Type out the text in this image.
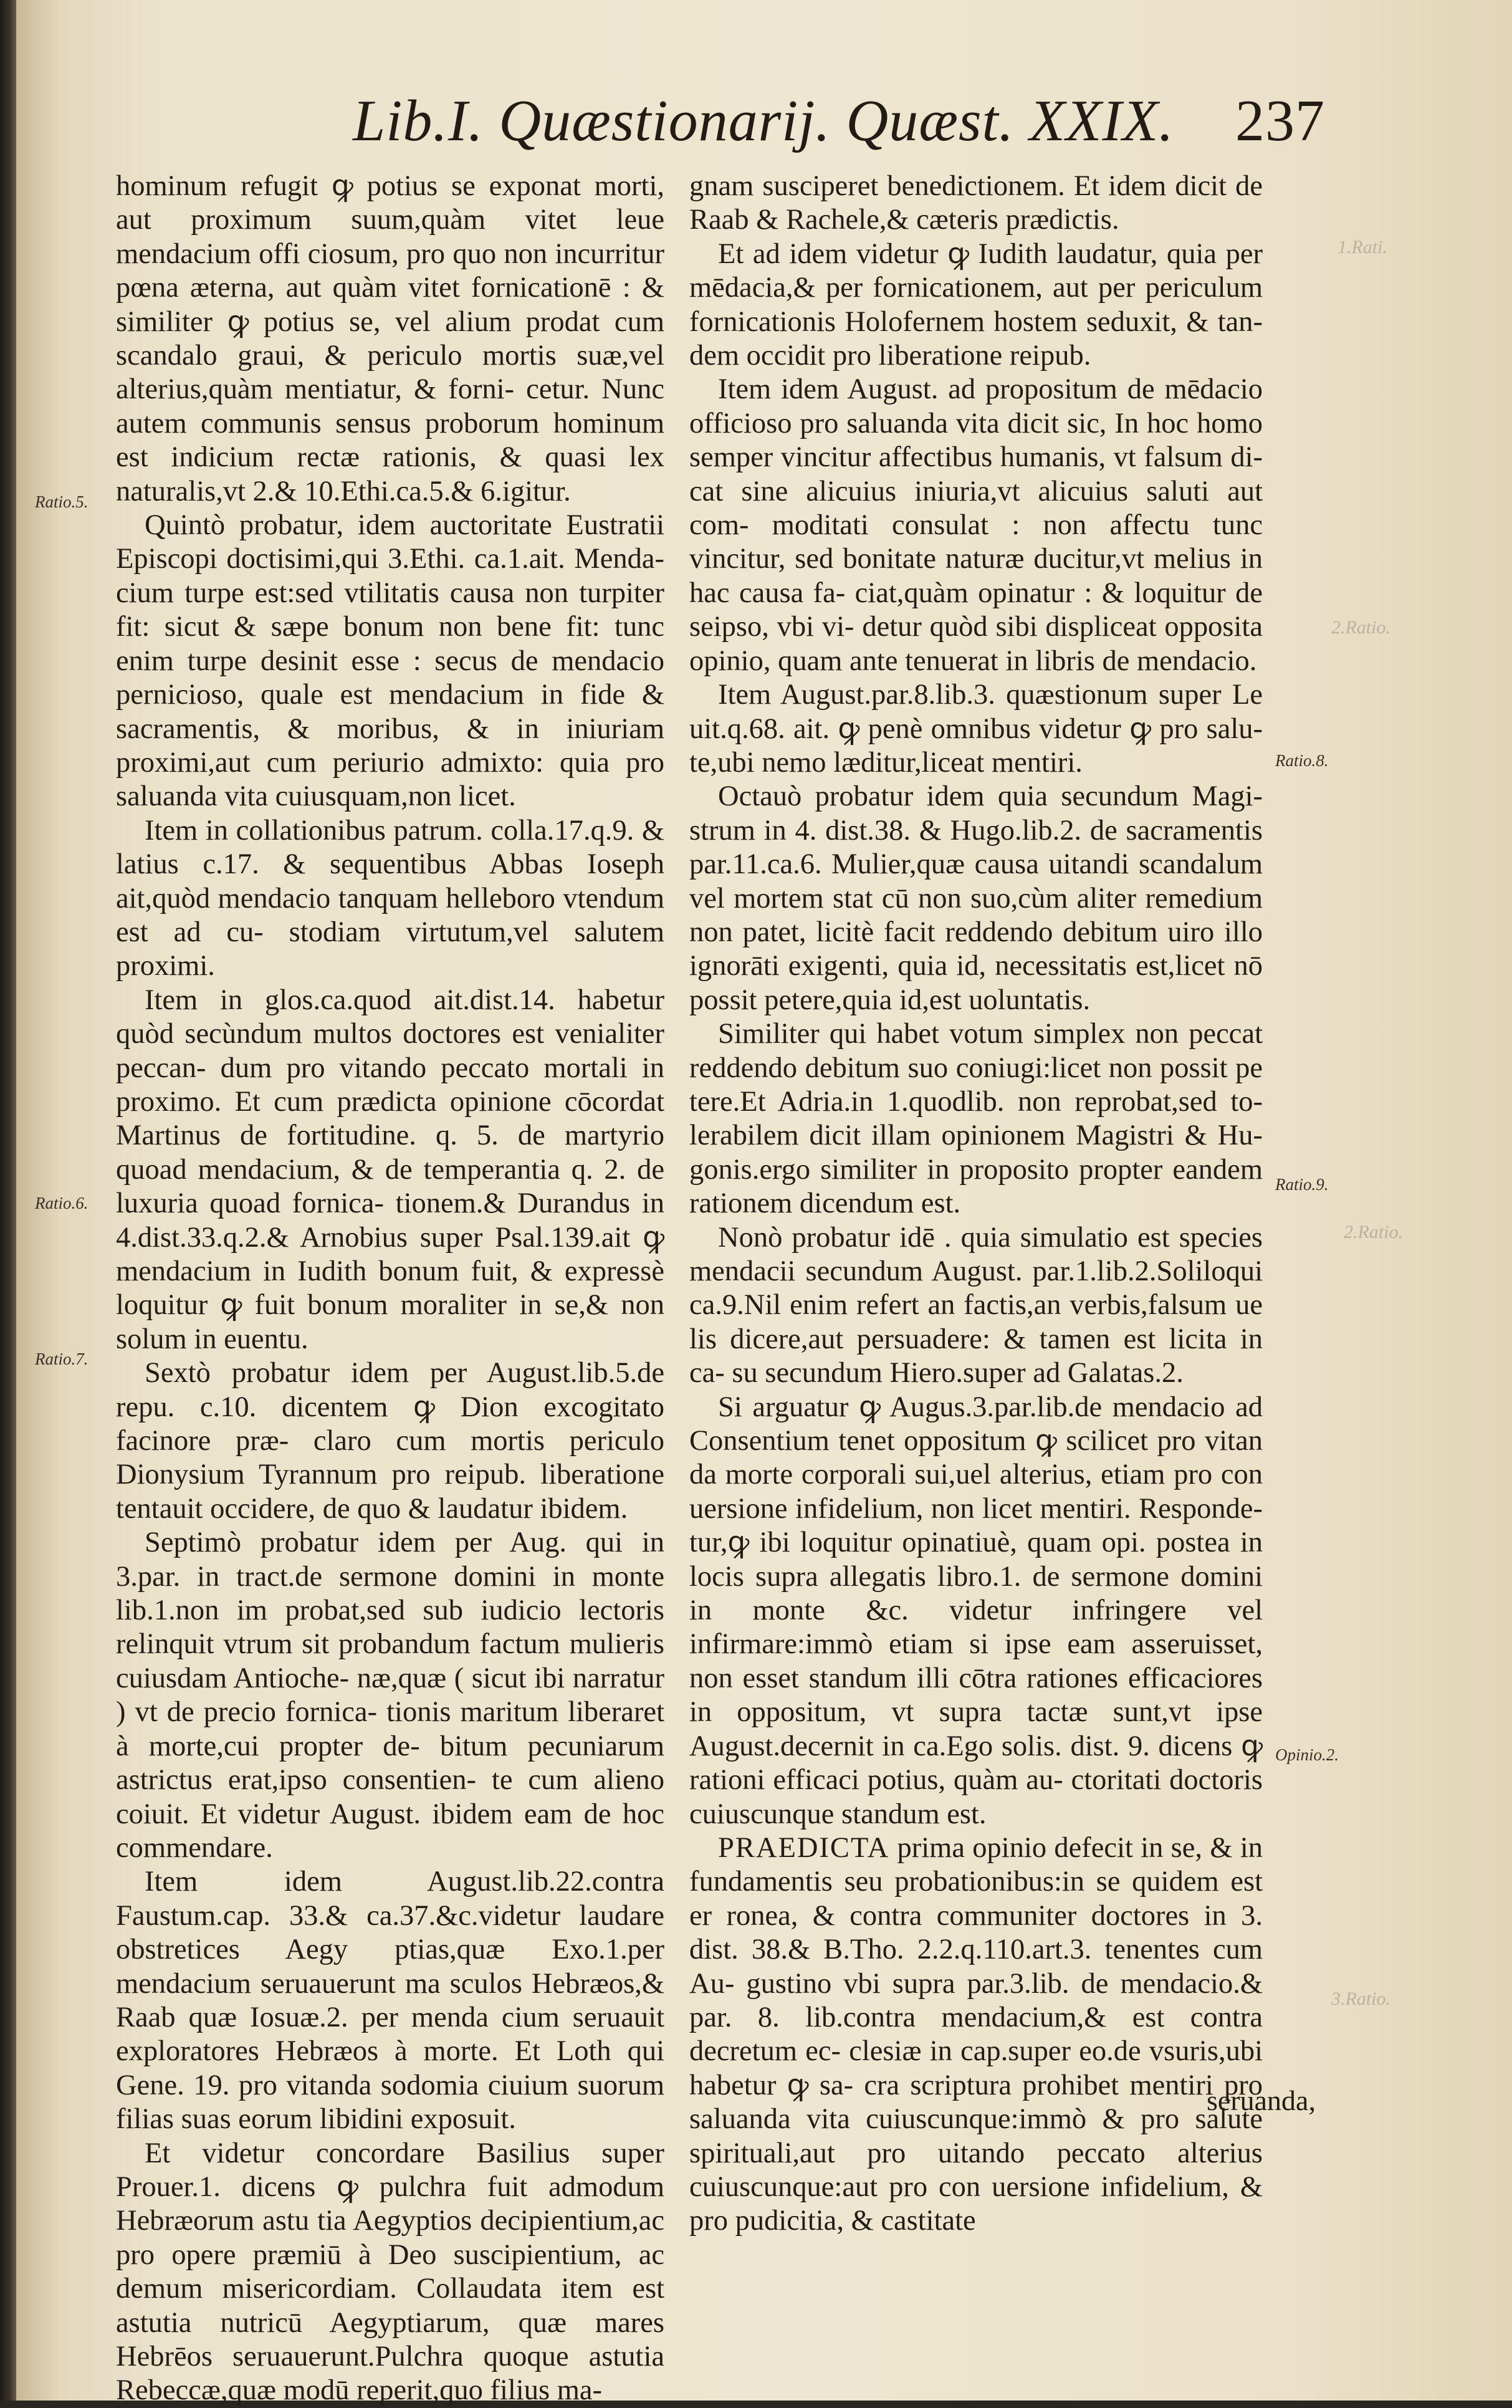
1.Rati.
2.Ratio.
2.Ratio.
3.Ratio.
Lib.I. Quæstionarij. Quæst. XXIX. 237

hominum refugit ꝙ potius se exponat morti, aut proximum suum,quàm vitet leue mendacium offi ciosum, pro quo non incurritur pœna æterna, aut quàm vitet fornicationē : & similiter ꝙ potius se, vel alium prodat cum scandalo graui, & periculo mortis suæ,vel alterius,quàm mentiatur, & forni- cetur. Nunc autem communis sensus proborum hominum est indicium rectæ rationis, & quasi lex naturalis,vt 2.& 10.Ethi.ca.5.& 6.igitur.

Quintò probatur, idem auctoritate Eustratii Episcopi doctisimi,qui 3.Ethi. ca.1.ait. Menda- cium turpe est:sed vtilitatis causa non turpiter fit: sicut & sæpe bonum non bene fit: tunc enim turpe desinit esse : secus de mendacio pernicioso, quale est mendacium in fide & sacramentis, & moribus, & in iniuriam proximi,aut cum periurio admixto: quia pro saluanda vita cuiusquam,non licet.

Item in collationibus patrum. colla.17.q.9. & latius c.17. & sequentibus Abbas Ioseph ait,quòd mendacio tanquam helleboro vtendum est ad cu- stodiam virtutum,vel salutem proximi.

Item in glos.ca.quod ait.dist.14. habetur quòd secùndum multos doctores est venialiter peccan- dum pro vitando peccato mortali in proximo. Et cum prædicta opinione cōcordat Martinus de fortitudine. q. 5. de martyrio quoad mendacium, & de temperantia q. 2. de luxuria quoad fornica- tionem.& Durandus in 4.dist.33.q.2.& Arnobius super Psal.139.ait ꝙ mendacium in Iudith bonum fuit, & expressè loquitur ꝙ fuit bonum moraliter in se,& non solum in euentu.

Sextò probatur idem per August.lib.5.de repu. c.10. dicentem ꝙ Dion excogitato facinore præ- claro cum mortis periculo Dionysium Tyrannum pro reipub. liberatione tentauit occidere, de quo & laudatur ibidem.

Septimò probatur idem per Aug. qui in 3.par. in tract.de sermone domini in monte lib.1.non im probat,sed sub iudicio lectoris relinquit vtrum sit probandum factum mulieris cuiusdam Antioche- næ,quæ ( sicut ibi narratur ) vt de precio fornica- tionis maritum liberaret à morte,cui propter de- bitum pecuniarum astrictus erat,ipso consentien- te cum alieno coiuit. Et videtur August. ibidem eam de hoc commendare.

Item idem August.lib.22.contra Faustum.cap. 33.& ca.37.&c.videtur laudare obstretices Aegy ptias,quæ Exo.1.per mendacium seruauerunt ma sculos Hebræos,& Raab quæ Iosuæ.2. per menda cium seruauit exploratores Hebræos à morte. Et Loth qui Gene. 19. pro vitanda sodomia ciuium suorum filias suas eorum libidini exposuit.

Et videtur concordare Basilius super Prouer.1. dicens ꝙ pulchra fuit admodum Hebræorum astu tia Aegyptios decipientium,ac pro opere præmiū à Deo suscipientium, ac demum misericordiam. Collaudata item est astutia nutricū Aegyptiarum, quæ mares Hebrēos seruauerunt.Pulchra quoque astutia Rebeccæ,quæ modū reperit,quo filius ma-

gnam susciperet benedictionem. Et idem dicit de Raab & Rachele,& cæteris prædictis.

Et ad idem videtur ꝙ Iudith laudatur, quia per mēdacia,& per fornicationem, aut per periculum fornicationis Holofernem hostem seduxit, & tan- dem occidit pro liberatione reipub.

Item idem August. ad propositum de mēdacio officioso pro saluanda vita dicit sic, In hoc homo semper vincitur affectibus humanis, vt falsum di- cat sine alicuius iniuria,vt alicuius saluti aut com- moditati consulat : non affectu tunc vincitur, sed bonitate naturæ ducitur,vt melius in hac causa fa- ciat,quàm opinatur : & loquitur de seipso, vbi vi- detur quòd sibi displiceat opposita opinio, quam ante tenuerat in libris de mendacio.

Item August.par.8.lib.3. quæstionum super Le uit.q.68. ait. ꝙ penè omnibus videtur ꝙ pro salu- te,ubi nemo læditur,liceat mentiri.

Octauò probatur idem quia secundum Magi- strum in 4. dist.38. & Hugo.lib.2. de sacramentis par.11.ca.6. Mulier,quæ causa uitandi scandalum vel mortem stat cū non suo,cùm aliter remedium non patet, licitè facit reddendo debitum uiro illo ignorāti exigenti, quia id, necessitatis est,licet nō possit petere,quia id,est uoluntatis.

Similiter qui habet votum simplex non peccat reddendo debitum suo coniugi:licet non possit pe tere.Et Adria.in 1.quodlib. non reprobat,sed to- lerabilem dicit illam opinionem Magistri & Hu- gonis.ergo similiter in proposito propter eandem rationem dicendum est.

Nonò probatur idē . quia simulatio est species mendacii secundum August. par.1.lib.2.Soliloqui ca.9.Nil enim refert an factis,an verbis,falsum ue lis dicere,aut persuadere: & tamen est licita in ca- su secundum Hiero.super ad Galatas.2.

Si arguatur ꝙ Augus.3.par.lib.de mendacio ad Consentium tenet oppositum ꝙ scilicet pro vitan da morte corporali sui,uel alterius, etiam pro con uersione infidelium, non licet mentiri. Responde- tur,ꝙ ibi loquitur opinatiuè, quam opi. postea in locis supra allegatis libro.1. de sermone domini in monte &c. videtur infringere vel infirmare:immò etiam si ipse eam asseruisset, non esset standum illi cōtra rationes efficaciores in oppositum, vt supra tactæ sunt,vt ipse August.decernit in ca.Ego solis. dist. 9. dicens ꝙ rationi efficaci potius, quàm au- ctoritati doctoris cuiuscunque standum est.

PRAEDICTA prima opinio defecit in se, & in fundamentis seu probationibus:in se quidem est er ronea, & contra communiter doctores in 3. dist. 38.& B.Tho. 2.2.q.110.art.3. tenentes cum Au- gustino vbi supra par.3.lib. de mendacio.& par. 8. lib.contra mendacium,& est contra decretum ec- clesiæ in cap.super eo.de vsuris,ubi habetur ꝙ sa- cra scriptura prohibet mentiri pro saluanda vita cuiuscunque:immò & pro salute spirituali,aut pro uitando peccato alterius cuiuscunque:aut pro con uersione infidelium, & pro pudicitia, & castitate

seruanda,
Ratio.5.
Ratio.6.
Ratio.7.
Ratio.8.
Ratio.9.
Opinio.2.
